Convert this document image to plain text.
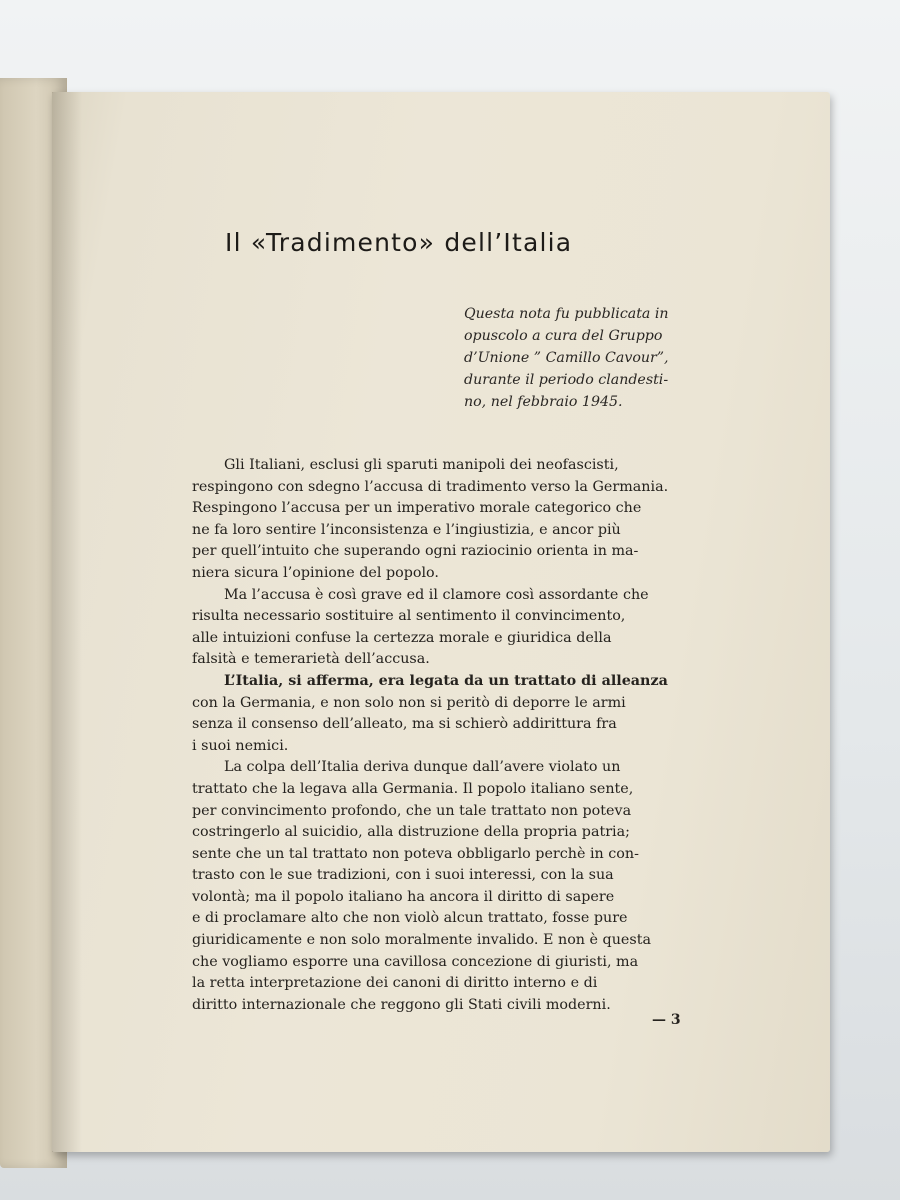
Il «Tradimento» dell’Italia
Questa nota fu pubblicata in
opuscolo a cura del Gruppo
d’Unione ” Camillo Cavour”,
durante il periodo clandesti-
no, nel febbraio 1945.

Gli Italiani, esclusi gli sparuti manipoli dei neofascisti,
respingono con sdegno l’accusa di tradimento verso la Germania.
Respingono l’accusa per un imperativo morale categorico che
ne fa loro sentire l’inconsistenza e l’ingiustizia, e ancor più
per quell’intuito che superando ogni raziocinio orienta in ma-
niera sicura l’opinione del popolo.

Ma l’accusa è così grave ed il clamore così assordante che
risulta necessario sostituire al sentimento il convincimento,
alle intuizioni confuse la certezza morale e giuridica della
falsità e temerarietà dell’accusa.

L’Italia, si afferma, era legata da un trattato di alleanza
con la Germania, e non solo non si peritò di deporre le armi
senza il consenso dell’alleato, ma si schierò addirittura fra
i suoi nemici.

La colpa dell’Italia deriva dunque dall’avere violato un
trattato che la legava alla Germania. Il popolo italiano sente,
per convincimento profondo, che un tale trattato non poteva
costringerlo al suicidio, alla distruzione della propria patria;
sente che un tal trattato non poteva obbligarlo perchè in con-
trasto con le sue tradizioni, con i suoi interessi, con la sua
volontà; ma il popolo italiano ha ancora il diritto di sapere
e di proclamare alto che non violò alcun trattato, fosse pure
giuridicamente e non solo moralmente invalido. E non è questa
che vogliamo esporre una cavillosa concezione di giuristi, ma
la retta interpretazione dei canoni di diritto interno e di
diritto internazionale che reggono gli Stati civili moderni.

— 3
